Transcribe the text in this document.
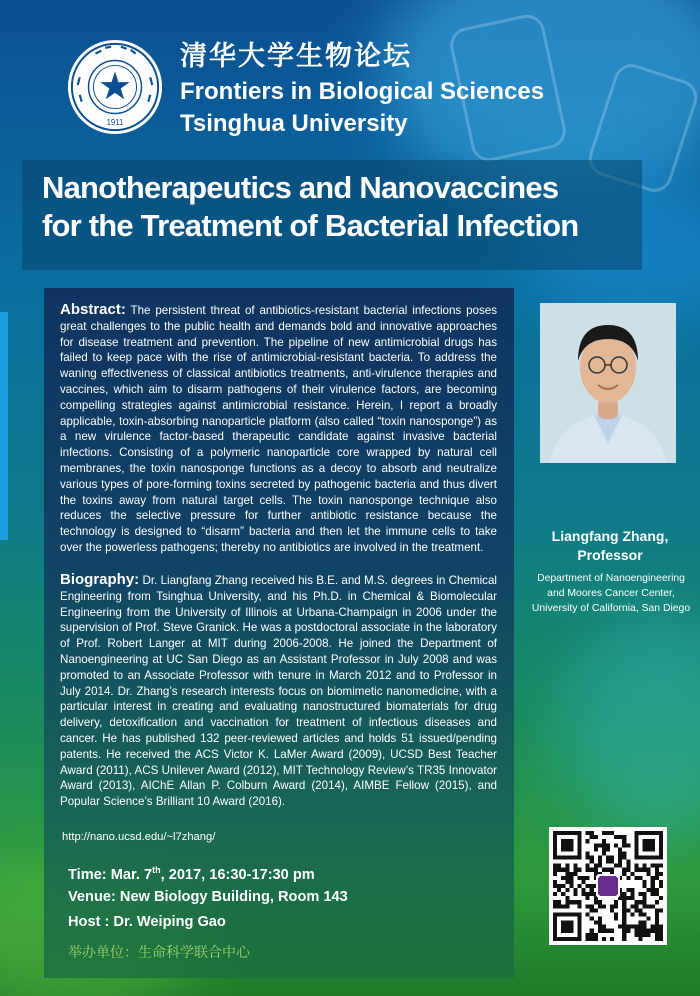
1911
清华大学生物论坛
Frontiers in Biological Sciences
Tsinghua University
Nanotherapeutics and Nanovaccines
for the Treatment of Bacterial Infection

Abstract: The persistent threat of antibiotics-resistant bacterial infections poses great challenges to the public health and demands bold and innovative approaches for disease treatment and prevention. The pipeline of new antimicrobial drugs has failed to keep pace with the rise of antimicrobial-resistant bacteria. To address the waning effectiveness of classical antibiotics treatments, anti-virulence therapies and vaccines, which aim to disarm pathogens of their virulence factors, are becoming compelling strategies against antimicrobial resistance. Herein, I report a broadly applicable, toxin-absorbing nanoparticle platform (also called “toxin nanosponge”) as a new virulence factor-based therapeutic candidate against invasive bacterial infections. Consisting of a polymeric nanoparticle core wrapped by natural cell membranes, the toxin nanosponge functions as a decoy to absorb and neutralize various types of pore-forming toxins secreted by pathogenic bacteria and thus divert the toxins away from natural target cells. The toxin nanosponge technique also reduces the selective pressure for further antibiotic resistance because the technology is designed to “disarm” bacteria and then let the immune cells to take over the powerless pathogens; thereby no antibiotics are involved in the treatment.

Biography: Dr. Liangfang Zhang received his B.E. and M.S. degrees in Chemical Engineering from Tsinghua University, and his Ph.D. in Chemical & Biomolecular Engineering from the University of Illinois at Urbana-Champaign in 2006 under the supervision of Prof. Steve Granick. He was a postdoctoral associate in the laboratory of Prof. Robert Langer at MIT during 2006-2008. He joined the Department of Nanoengineering at UC San Diego as an Assistant Professor in July 2008 and was promoted to an Associate Professor with tenure in March 2012 and to Professor in July 2014. Dr. Zhang’s research interests focus on biomimetic nanomedicine, with a particular interest in creating and evaluating nanostructured biomaterials for drug delivery, detoxification and vaccination for treatment of infectious diseases and cancer. He has published 132 peer-reviewed articles and holds 51 issued/pending patents. He received the ACS Victor K. LaMer Award (2009), UCSD Best Teacher Award (2011), ACS Unilever Award (2012), MIT Technology Review’s TR35 Innovator Award (2013), AIChE Allan P. Colburn Award (2014), AIMBE Fellow (2015), and Popular Science’s Brilliant 10 Award (2016).

http://nano.ucsd.edu/~l7zhang/
Time: Mar. 7th, 2017, 16:30-17:30 pm
Venue: New Biology Building, Room 143
Host : Dr. Weiping Gao
举办单位：生命科学联合中心
Liangfang Zhang,
Professor
Department of Nanoengineering
and Moores Cancer Center,
University of California, San Diego
